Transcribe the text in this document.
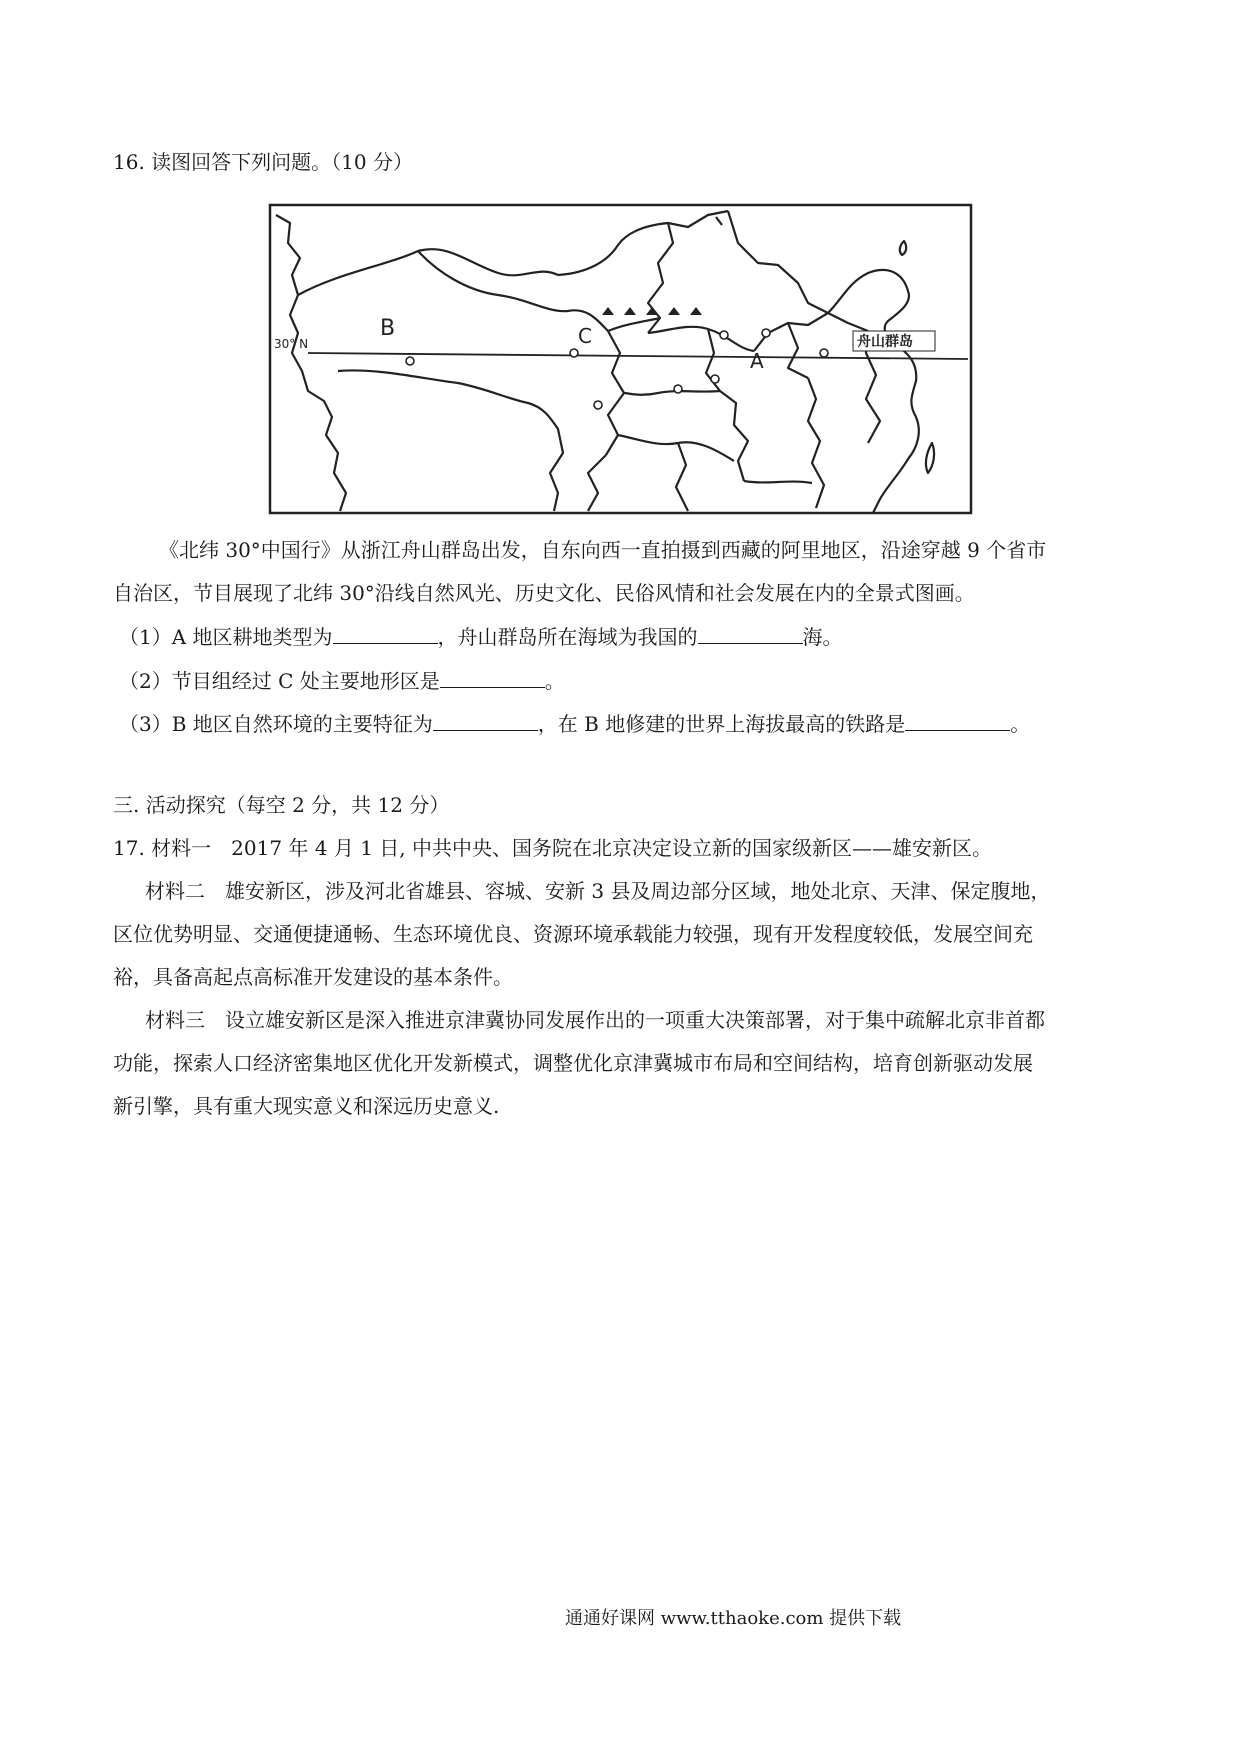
16. 读图回答下列问题。（10 分）
B	C
A
30° N	舟山群岛
《北纬 30°中国行》从浙江舟山群岛出发，自东向西一直拍摄到西藏的阿里地区，沿途穿越 9 个省市
自治区，节目展现了北纬 30°沿线自然风光、历史文化、民俗风情和社会发展在内的全景式图画。
（1）A 地区耕地类型为	，舟山群岛所在海域为我国的	海。
（2）节目组经过 C 处主要地形区是	。
（3）B 地区自然环境的主要特征为	，在 B 地修建的世界上海拔最高的铁路是	。
三. 活动探究（每空 2 分，共 12 分）
17. 材料一　2017 年 4 月 1 日, 中共中央、国务院在北京决定设立新的国家级新区——雄安新区。
材料二　雄安新区，涉及河北省雄县、容城、安新 3 县及周边部分区域，地处北京、天津、保定腹地，
区位优势明显、交通便捷通畅、生态环境优良、资源环境承载能力较强，现有开发程度较低，发展空间充
裕，具备高起点高标准开发建设的基本条件。
材料三　设立雄安新区是深入推进京津冀协同发展作出的一项重大决策部署，对于集中疏解北京非首都
功能，探索人口经济密集地区优化开发新模式，调整优化京津冀城市布局和空间结构，培育创新驱动发展
新引擎，具有重大现实意义和深远历史意义.
通通好课网 www.tthaoke.com 提供下载
